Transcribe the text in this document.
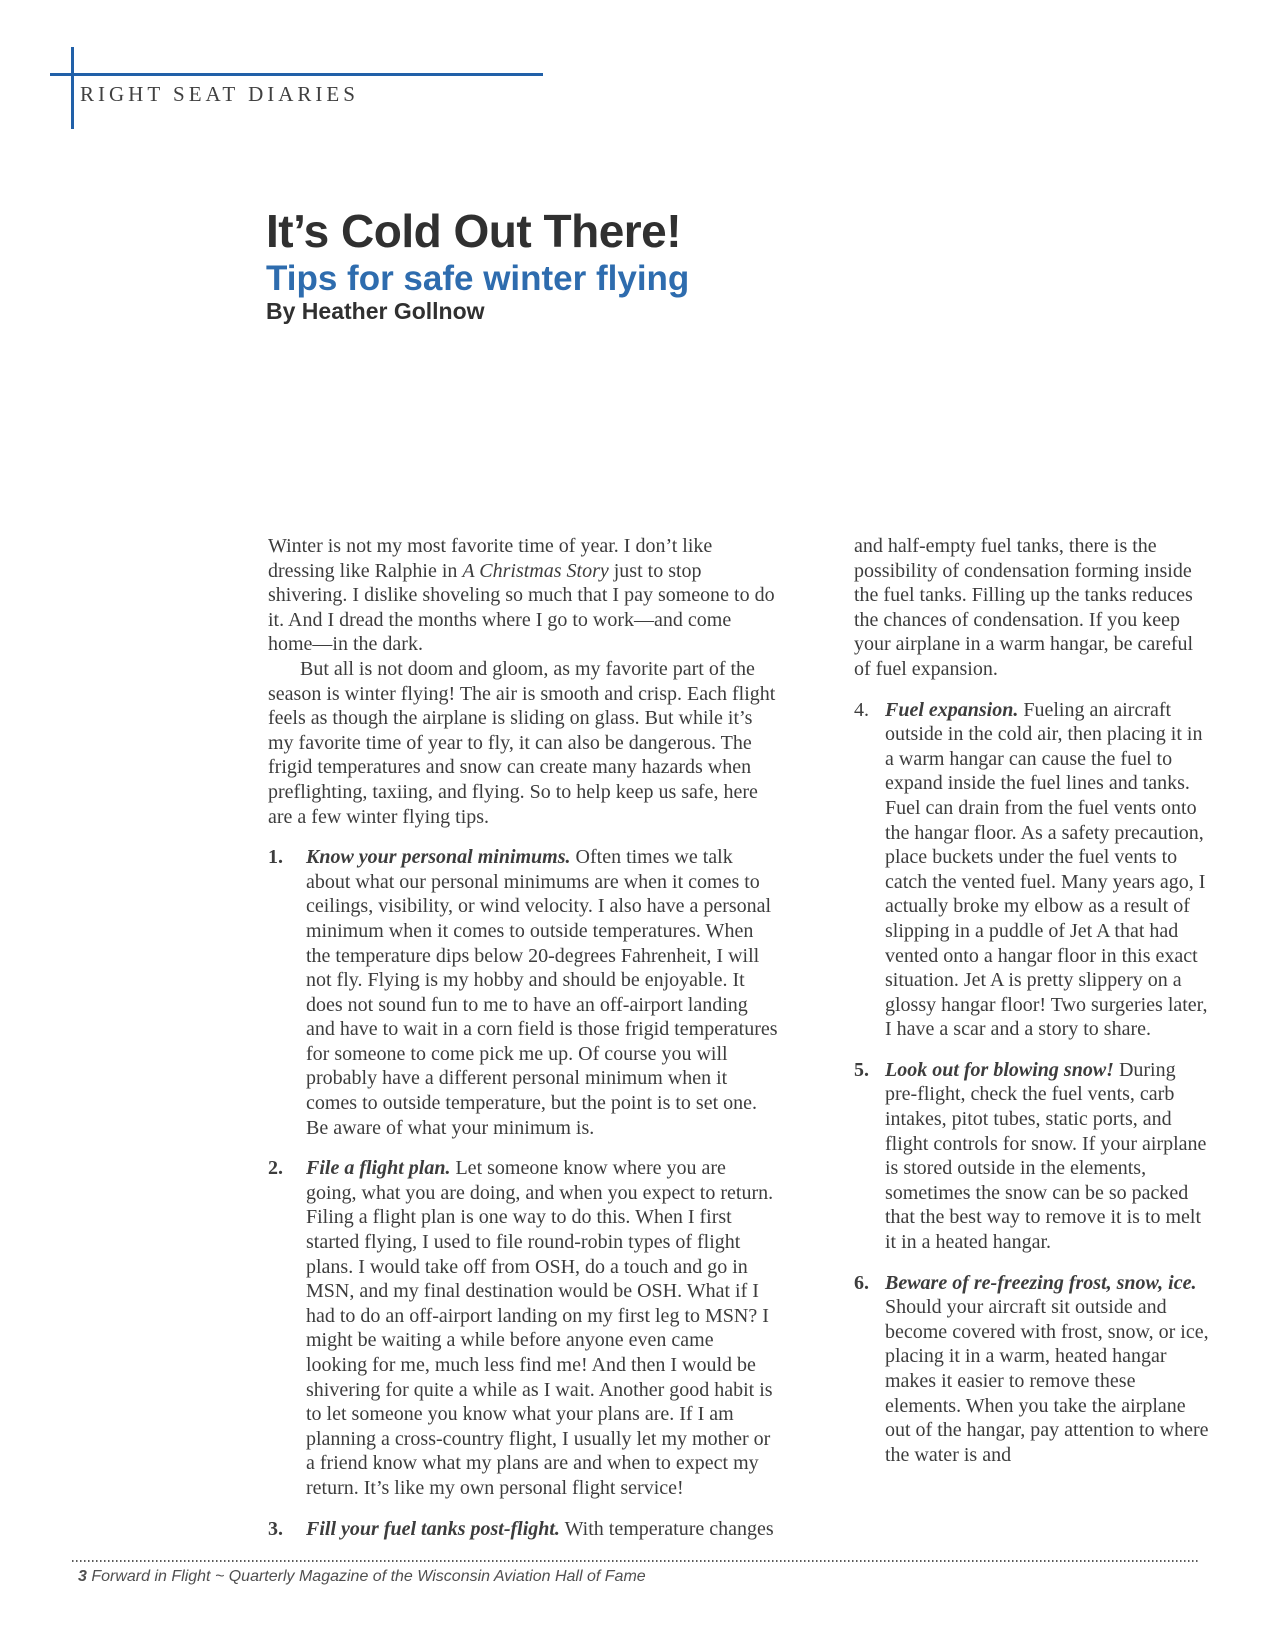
RIGHT SEAT DIARIES
It’s Cold Out There!
Tips for safe winter flying
By Heather Gollnow

Winter is not my most favorite time of year. I don’t like dressing like Ralphie in A Christmas Story just to stop shivering. I dislike shoveling so much that I pay someone to do it. And I dread the months where I go to work—and come home—in the dark.

But all is not doom and gloom, as my favorite part of the season is winter flying! The air is smooth and crisp. Each flight feels as though the airplane is sliding on glass. But while it’s my favorite time of year to fly, it can also be dangerous. The frigid temperatures and snow can create many hazards when preflighting, taxiing, and flying. So to help keep us safe, here are a few winter flying tips.

1. Know your personal minimums. Often times we talk about what our personal minimums are when it comes to ceilings, visibility, or wind velocity. I also have a personal minimum when it comes to outside temperatures. When the temperature dips below 20-degrees Fahrenheit, I will not fly. Flying is my hobby and should be enjoyable. It does not sound fun to me to have an off-airport landing and have to wait in a corn field is those frigid temperatures for someone to come pick me up. Of course you will probably have a different personal minimum when it comes to outside temperature, but the point is to set one. Be aware of what your minimum is.

2. File a flight plan. Let someone know where you are going, what you are doing, and when you expect to return. Filing a flight plan is one way to do this. When I first started flying, I used to file round-robin types of flight plans. I would take off from OSH, do a touch and go in MSN, and my final destination would be OSH. What if I had to do an off-airport landing on my first leg to MSN? I might be waiting a while before anyone even came looking for me, much less find me! And then I would be shivering for quite a while as I wait. Another good habit is to let someone you know what your plans are. If I am planning a cross-country flight, I usually let my mother or a friend know what my plans are and when to expect my return. It’s like my own personal flight service!

3. Fill your fuel tanks post-flight. With temperature changes

and half-empty fuel tanks, there is the possibility of condensation forming inside the fuel tanks. Filling up the tanks reduces the chances of condensation. If you keep your airplane in a warm hangar, be careful of fuel expansion.

4. Fuel expansion. Fueling an aircraft outside in the cold air, then placing it in a warm hangar can cause the fuel to expand inside the fuel lines and tanks. Fuel can drain from the fuel vents onto the hangar floor. As a safety precaution, place buckets under the fuel vents to catch the vented fuel. Many years ago, I actually broke my elbow as a result of slipping in a puddle of Jet A that had vented onto a hangar floor in this exact situation. Jet A is pretty slippery on a glossy hangar floor! Two surgeries later, I have a scar and a story to share.

5. Look out for blowing snow! During pre-flight, check the fuel vents, carb intakes, pitot tubes, static ports, and flight controls for snow. If your airplane is stored outside in the elements, sometimes the snow can be so packed that the best way to remove it is to melt it in a heated hangar.

6. Beware of re-freezing frost, snow, ice. Should your aircraft sit outside and become covered with frost, snow, or ice, placing it in a warm, heated hangar makes it easier to remove these elements. When you take the airplane out of the hangar, pay attention to where the water is and

3 Forward in Flight ~ Quarterly Magazine of the Wisconsin Aviation Hall of Fame
